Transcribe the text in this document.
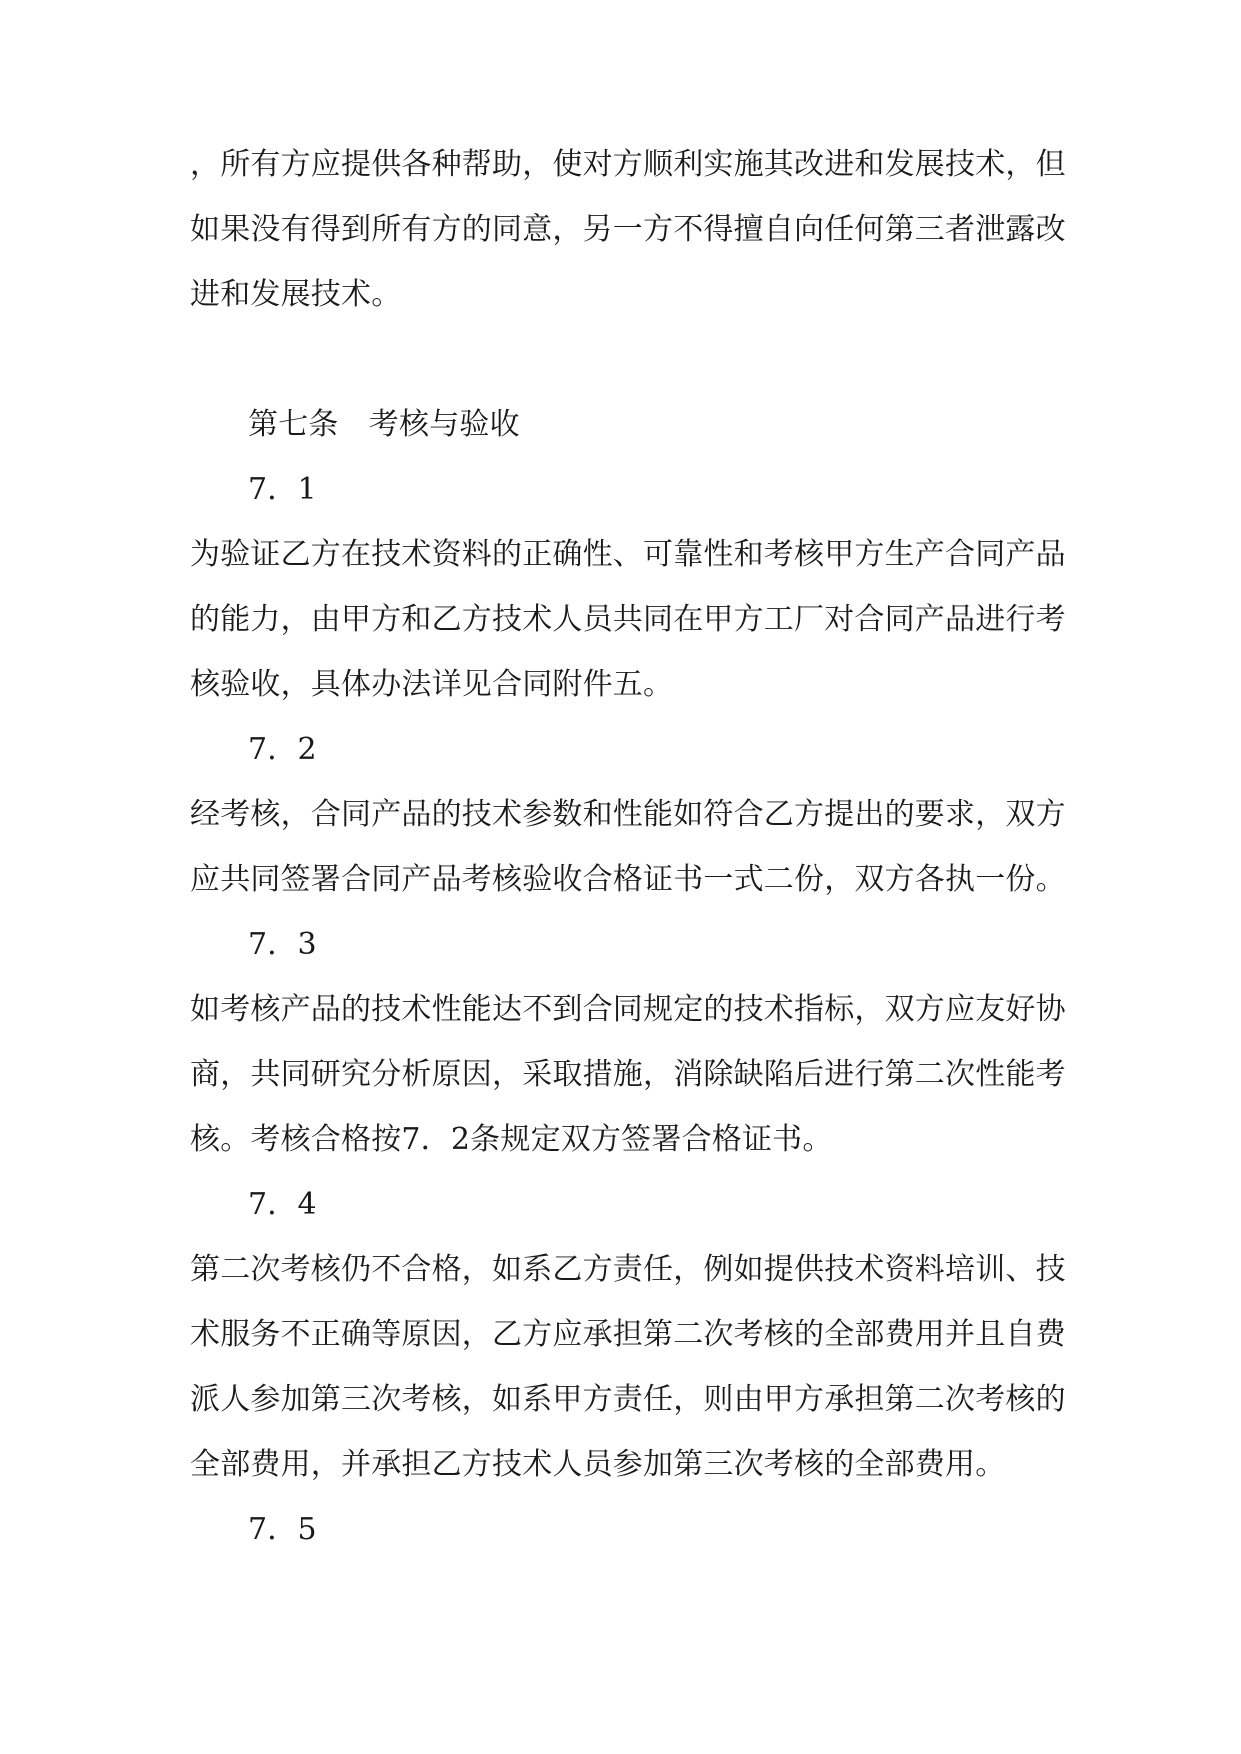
，所有方应提供各种帮助，使对方顺利实施其改进和发展技术，但
如果没有得到所有方的同意，另一方不得擅自向任何第三者泄露改
进和发展技术。
第七条　考核与验收
7．1
为验证乙方在技术资料的正确性、可靠性和考核甲方生产合同产品
的能力，由甲方和乙方技术人员共同在甲方工厂对合同产品进行考
核验收，具体办法详见合同附件五。
7．2
经考核，合同产品的技术参数和性能如符合乙方提出的要求，双方
应共同签署合同产品考核验收合格证书一式二份，双方各执一份。
7．3
如考核产品的技术性能达不到合同规定的技术指标，双方应友好协
商，共同研究分析原因，采取措施，消除缺陷后进行第二次性能考
核。考核合格按7．2条规定双方签署合格证书。
7．4
第二次考核仍不合格，如系乙方责任，例如提供技术资料培训、技
术服务不正确等原因，乙方应承担第二次考核的全部费用并且自费
派人参加第三次考核，如系甲方责任，则由甲方承担第二次考核的
全部费用，并承担乙方技术人员参加第三次考核的全部费用。
7．5
